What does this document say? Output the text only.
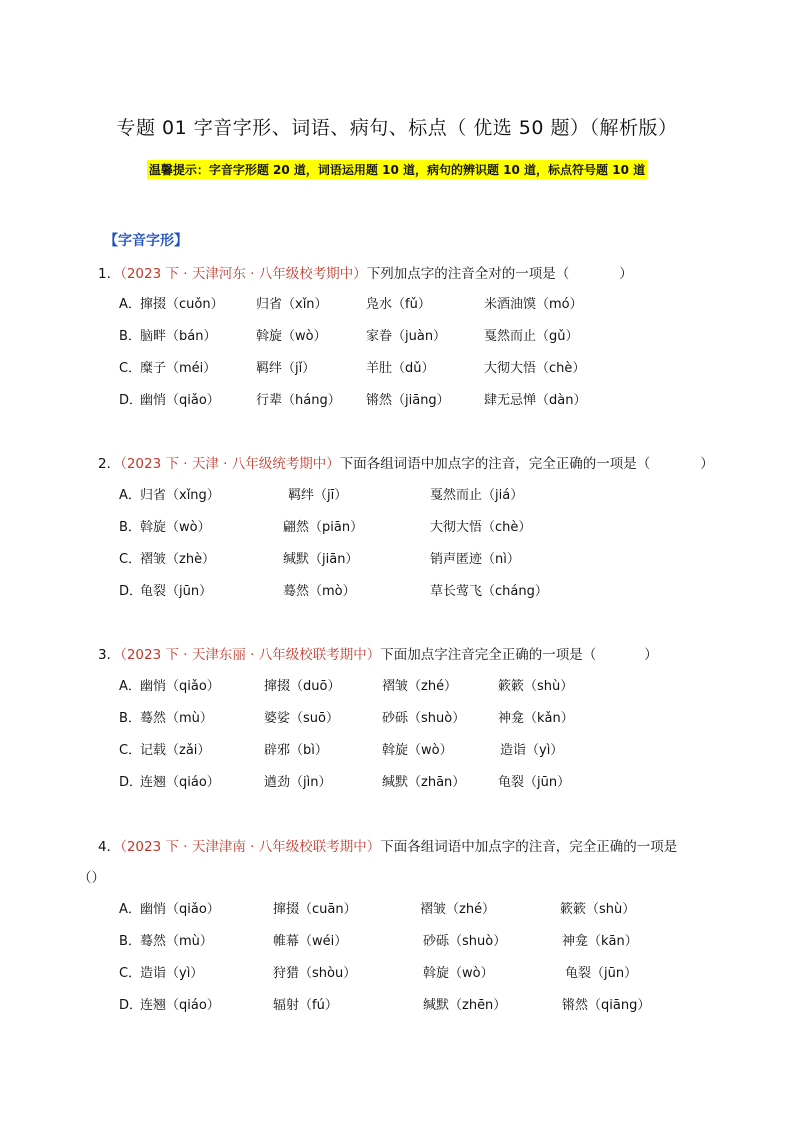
专题 01 字音字形、词语、病句、标点（ 优选 50 题）（解析版）
温馨提示：字音字形题 20 道，词语运用题 10 道，病句的辨识题 10 道，标点符号题 10 道
【字音字形】
1．（2023 下 · 天津河东 · 八年级校考期中）下列加点字的注音全对的一项是（	）
A． 撺掇（cuǒn） 归省（xǐn）	凫水（fǔ）	米酒油馍（mó）
B． 脑畔（bán）	斡旋（wò）	家眷（juàn）	戛然而止（gǔ）
C．
糜子（méi）	羁绊（jǐ）	羊肚（dǔ）	大彻大悟（chè）
D．
幽悄（qiǎo）	行辈（háng） 锵然（jiāng）	肆无忌惮（dàn）
2．（2023 下 · 天津 · 八年级统考期中）下面各组词语中加点字的注音，完全正确的一项是（	）
A． 归省（xǐng）	羁绊（jī）	戛然而止（jiá）
B． 斡旋（wò）	翩然（piān）	大彻大悟（chè）
C．
褶皱（zhè）	缄默（jiān）	销声匿迹（nì）
D．
龟裂（jūn）	蓦然（mò）	草长莺飞（cháng）
3．（2023 下 · 天津东丽 · 八年级校联考期中）下面加点字注音完全正确的一项是（	）
A． 幽悄（qiǎo）	撺掇（duō）	褶皱（zhé）	簌簌（shù）
B． 蓦然（mù）	婆娑（suō）	砂砾（shuò）	神龛（kǎn）
C．
记载（zǎi）	辟邪（bì）	斡旋（wò）	造诣（yì）
D．
连翘（qiáo）	遒劲（jìn）	缄默（zhān）	龟裂（jūn）
4．（2023 下 · 天津津南 · 八年级校联考期中）下面各组词语中加点字的注音，完全正确的一项是
（）
A． 幽悄（qiǎo）	撺掇（cuān）	褶皱（zhé）	簌簌（shù）
B． 蓦然（mù）	帷幕（wéi）	砂砾（shuò）	神龛（kān）
C．
造诣（yì）	狩猎（shòu）	斡旋（wò）	龟裂（jūn）
D．
连翘（qiáo）	辐射（fú）	缄默（zhēn）	锵然（qiāng）
